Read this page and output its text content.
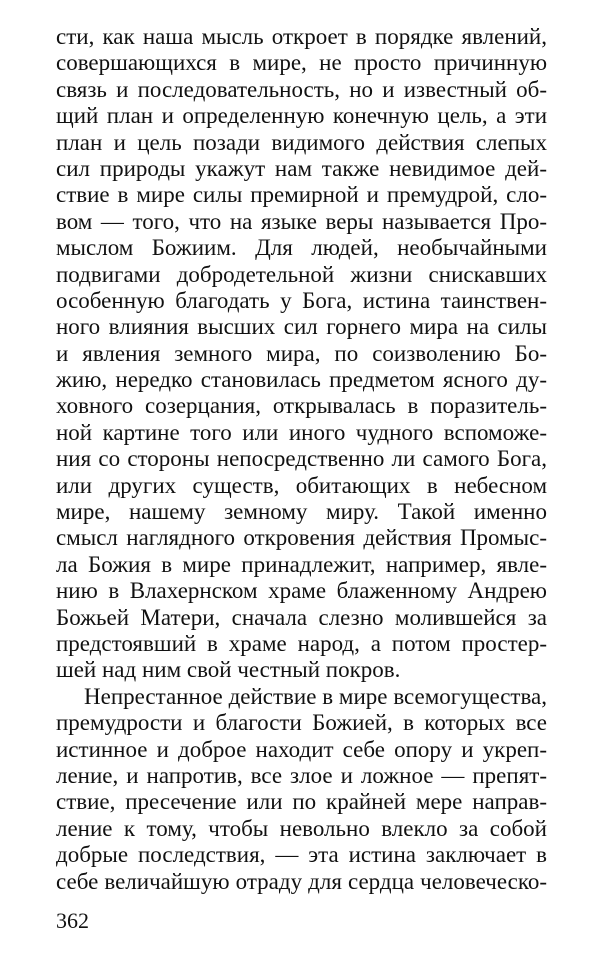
сти, как наша мысль откроет в порядке явлений,
совершающихся в мире, не просто причинную
связь и последовательность, но и известный об-
щий план и определенную конечную цель, а эти
план и цель позади видимого действия слепых
сил природы укажут нам также невидимое дей-
ствие в мире силы премирной и премудрой, сло-
вом — того, что на языке веры называется Про-
мыслом Божиим. Для людей, необычайными
подвигами добродетельной жизни снискавших
особенную благодать у Бога, истина таинствен-
ного влияния высших сил горнего мира на силы
и явления земного мира, по соизволению Бо-
жию, нередко становилась предметом ясного ду-
ховного созерцания, открывалась в поразитель-
ной картине того или иного чудного вспоможе-
ния со стороны непосредственно ли самого Бога,
или других существ, обитающих в небесном
мире, нашему земному миру. Такой именно
смысл наглядного откровения действия Промыс-
ла Божия в мире принадлежит, например, явле-
нию в Влахернском храме блаженному Андрею
Божьей Матери, сначала слезно молившейся за
предстоявший в храме народ, а потом простер-
шей над ним свой честный покров.
Непрестанное действие в мире всемогущества,
премудрости и благости Божией, в которых все
истинное и доброе находит себе опору и укреп-
ление, и напротив, все злое и ложное — препят-
ствие, пресечение или по крайней мере направ-
ление к тому, чтобы невольно влекло за собой
добрые последствия, — эта истина заключает в
себе величайшую отраду для сердца человеческо-
362
